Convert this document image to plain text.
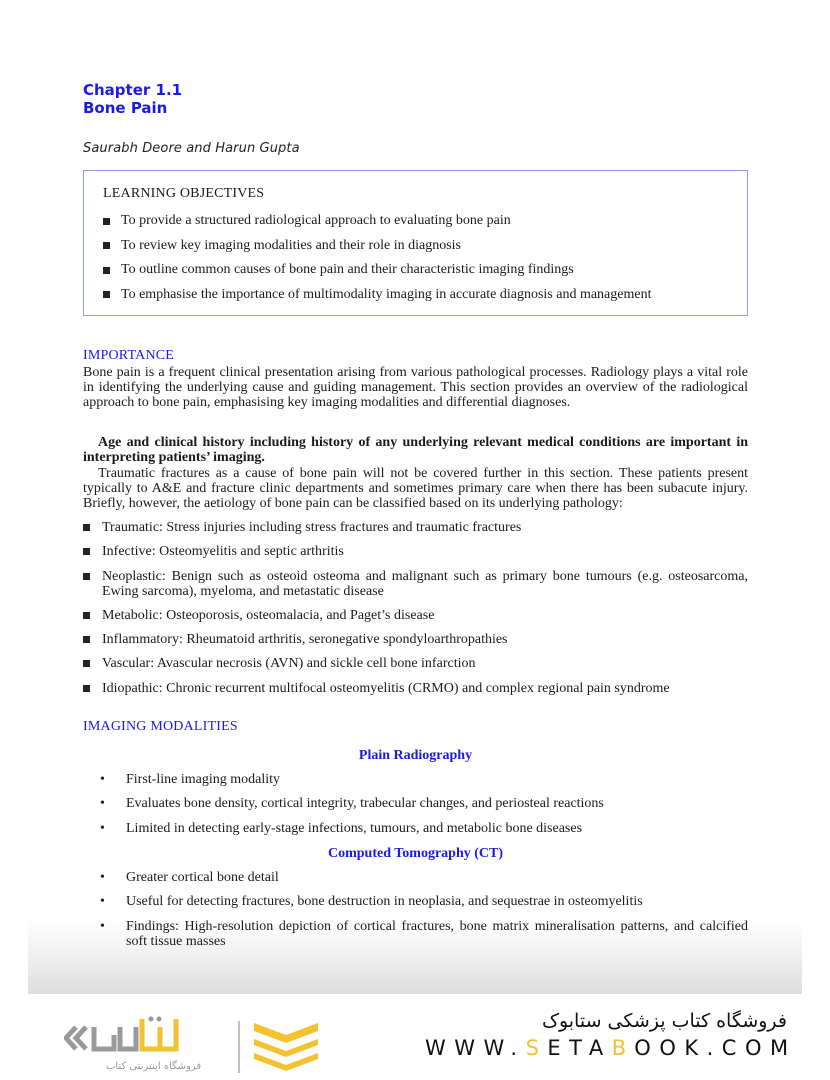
Chapter 1.1
Bone Pain
Saurabh Deore and Harun Gupta
LEARNING OBJECTIVES
To provide a structured radiological approach to evaluating bone pain
To review key imaging modalities and their role in diagnosis
To outline common causes of bone pain and their characteristic imaging findings
To emphasise the importance of multimodality imaging in accurate diagnosis and management
IMPORTANCE

Bone pain is a frequent clinical presentation arising from various pathological processes. Radiology plays a vital role in identifying the underlying cause and guiding management. This section provides an overview of the radiological approach to bone pain, emphasising key imaging modalities and differential diagnoses.

Age and clinical history including history of any underlying relevant medical conditions are important in interpreting patients’ imaging.

Traumatic fractures as a cause of bone pain will not be covered further in this section. These patients present typically to A&E and fracture clinic departments and sometimes primary care when there has been subacute injury. Briefly, however, the aetiology of bone pain can be classified based on its underlying pathology:

Traumatic: Stress injuries including stress fractures and traumatic fractures
Infective: Osteomyelitis and septic arthritis
Neoplastic: Benign such as osteoid osteoma and malignant such as primary bone tumours (e.g. osteosarcoma, Ewing sarcoma), myeloma, and metastatic disease
Metabolic: Osteoporosis, osteomalacia, and Paget’s disease
Inflammatory: Rheumatoid arthritis, seronegative spondyloarthropathies
Vascular: Avascular necrosis (AVN) and sickle cell bone infarction
Idiopathic: Chronic recurrent multifocal osteomyelitis (CRMO) and complex regional pain syndrome
IMAGING MODALITIES
Plain Radiography
•	First-line imaging modality
•	Evaluates bone density, cortical integrity, trabecular changes, and periosteal reactions
•	Limited in detecting early-stage infections, tumours, and metabolic bone diseases
Computed Tomography (CT)
•	Greater cortical bone detail
•	Useful for detecting fractures, bone destruction in neoplasia, and sequestrae in osteomyelitis
•	Findings: High-resolution depiction of cortical fractures, bone matrix mineralisation patterns, and calcified soft tissue masses
فروشگاه اینترنتی کتاب
فروشگاه کتاب پزشکی ستابوک
WWW.SETABOOK.COM
